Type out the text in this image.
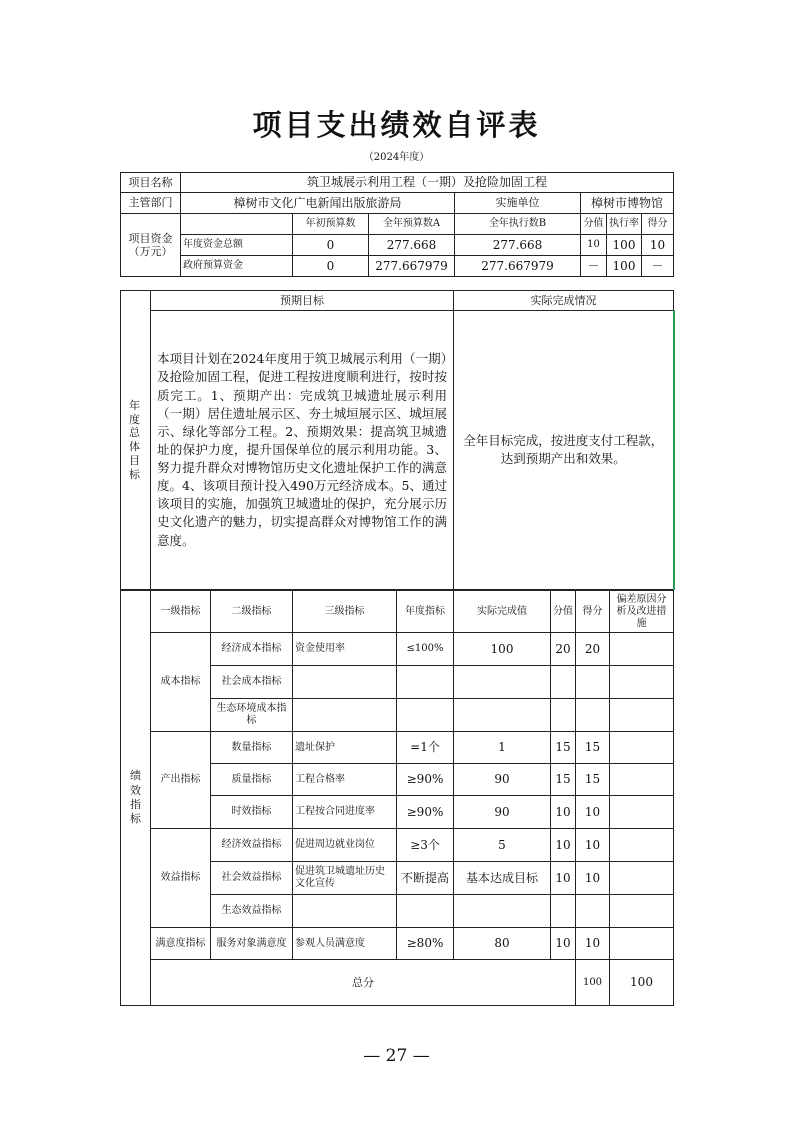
项目支出绩效自评表
（2024年度）
项目名称	筑卫城展示利用工程（一期）及抢险加固工程						
主管部门	樟树市文化广电新闻出版旅游局			实施单位	樟树市博物馆		
项目资金（万元）		年初预算数	全年预算数A	全年执行数B	分值	执行率	得分
	年度资金总额	0	277.668	277.668	10	100	10
	政府预算资金	0	277.667979	277.667979	－	100	－
年度总体目标	预期目标	实际完成情况
	本项目计划在2024年度用于筑卫城展示利用（一期）及抢险加固工程，促进工程按进度顺利进行，按时按质完工。1、预期产出：完成筑卫城遗址展示利用（一期）居住遗址展示区、夯土城垣展示区、城垣展示、绿化等部分工程。2、预期效果：提高筑卫城遗址的保护力度，提升国保单位的展示利用功能。3、努力提升群众对博物馆历史文化遗址保护工作的满意度。4、该项目预计投入490万元经济成本。5、通过该项目的实施，加强筑卫城遗址的保护，充分展示历史文化遗产的魅力，切实提高群众对博物馆工作的满意度。	全年目标完成，按进度支付工程款，达到预期产出和效果。
绩效指标	一级指标	二级指标	三级指标	年度指标	实际完成值	分值	得分	偏差原因分析及改进措施	
	成本指标	经济成本指标	资金使用率	≤100%	100	20	20		
		社会成本指标							
		生态环境成本指标							
	产出指标	数量指标	遗址保护	=1个	1	15	15		
		质量指标	工程合格率	≥90%	90	15	15		
		时效指标	工程按合同进度率	≥90%	90	10	10		
	效益指标	经济效益指标	促进周边就业岗位	≥3个	5	10	10		
		社会效益指标	促进筑卫城遗址历史文化宣传	不断提高	基本达成目标	10	10		
		生态效益指标							
	满意度指标	服务对象满意度	参观人员满意度	≥80%	80	10	10		
	总分						100	100	
— 27 —
